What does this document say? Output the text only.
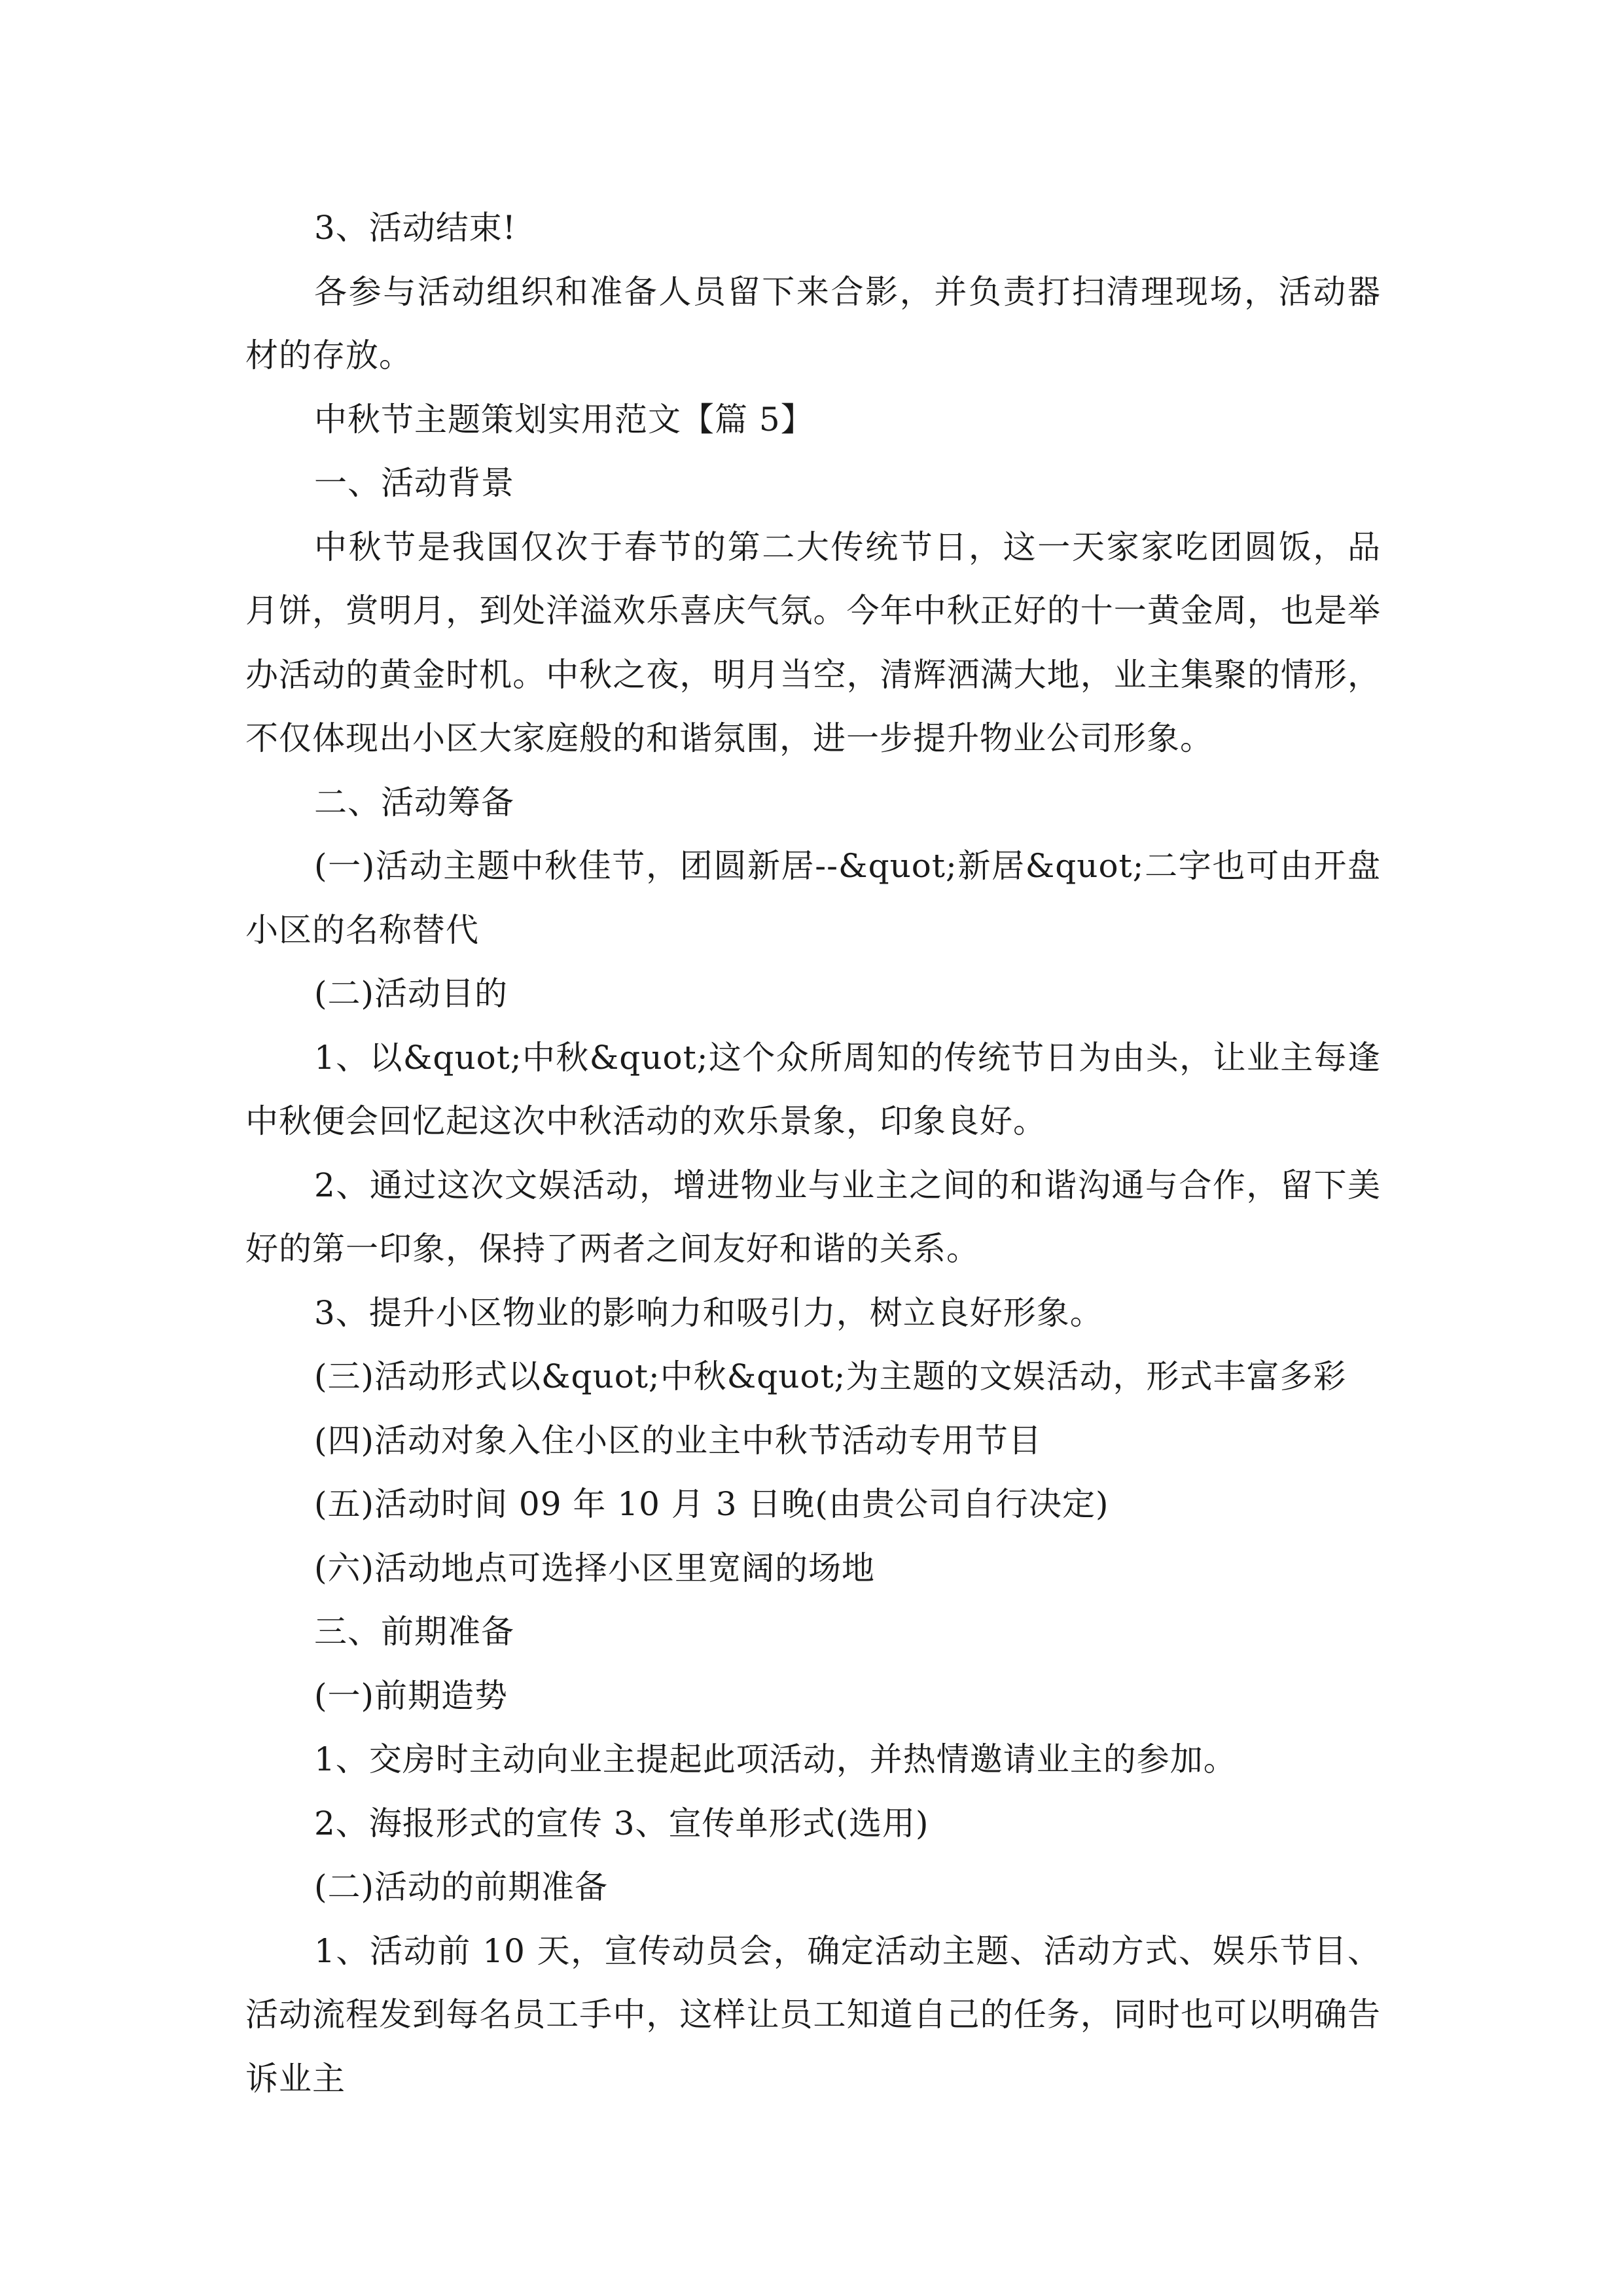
3、活动结束!

各参与活动组织和准备人员留下来合影，并负责打扫清理现场，活动器材的存放。

中秋节主题策划实用范文【篇 5】

一、活动背景

中秋节是我国仅次于春节的第二大传统节日，这一天家家吃团圆饭，品月饼，赏明月，到处洋溢欢乐喜庆气氛。今年中秋正好的十一黄金周，也是举办活动的黄金时机。中秋之夜，明月当空，清辉洒满大地，业主集聚的情形，不仅体现出小区大家庭般的和谐氛围，进一步提升物业公司形象。

二、活动筹备

(一)活动主题中秋佳节，团圆新居--&quot;新居&quot;二字也可由开盘小区的名称替代

(二)活动目的

1、以&quot;中秋&quot;这个众所周知的传统节日为由头，让业主每逢中秋便会回忆起这次中秋活动的欢乐景象，印象良好。

2、通过这次文娱活动，增进物业与业主之间的和谐沟通与合作，留下美好的第一印象，保持了两者之间友好和谐的关系。

3、提升小区物业的影响力和吸引力，树立良好形象。

(三)活动形式以&quot;中秋&quot;为主题的文娱活动，形式丰富多彩

(四)活动对象入住小区的业主中秋节活动专用节目

(五)活动时间 09 年 10 月 3 日晚(由贵公司自行决定)

(六)活动地点可选择小区里宽阔的场地

三、前期准备

(一)前期造势

1、交房时主动向业主提起此项活动，并热情邀请业主的参加。

2、海报形式的宣传 3、宣传单形式(选用)

(二)活动的前期准备

1、活动前 10 天，宣传动员会，确定活动主题、活动方式、娱乐节目、活动流程发到每名员工手中，这样让员工知道自己的任务，同时也可以明确告诉业主
